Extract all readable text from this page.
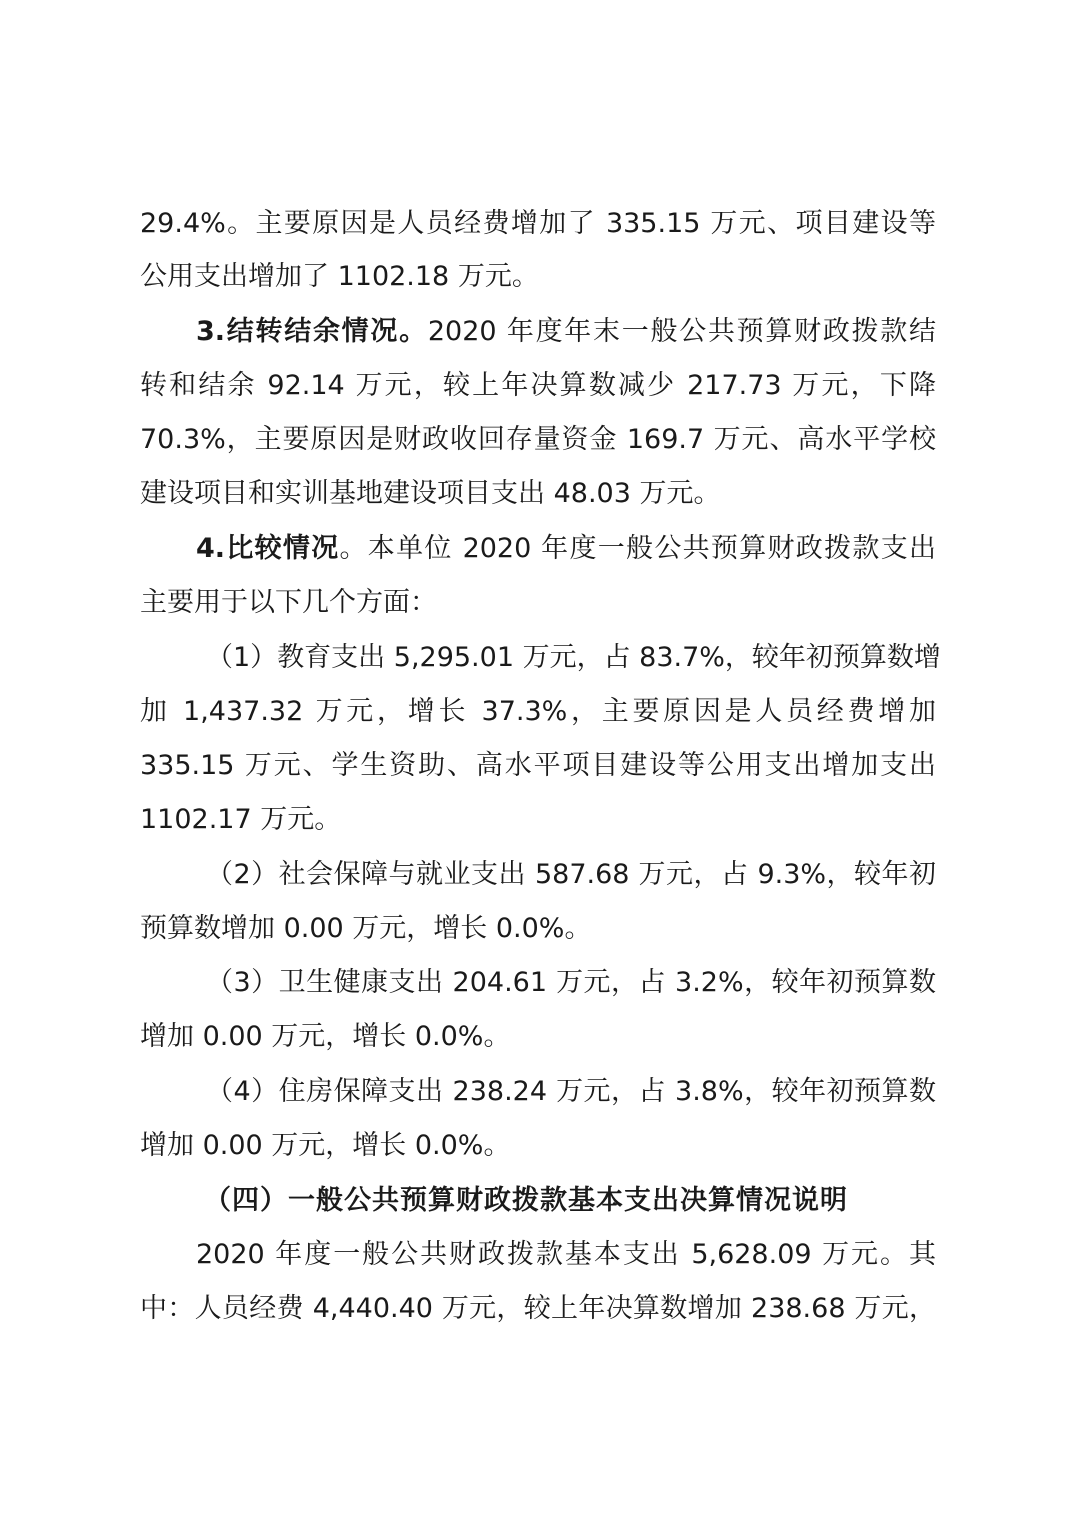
29.4%。主要原因是人员经费增加了 335.15 万元、项目建设等
公用支出增加了 1102.18 万元。
3.结转结余情况。2020 年度年末一般公共预算财政拨款结
转和结余 92.14 万元，较上年决算数减少 217.73 万元，下降
70.3%，主要原因是财政收回存量资金 169.7 万元、高水平学校
建设项目和实训基地建设项目支出 48.03 万元。
4.比较情况。本单位 2020 年度一般公共预算财政拨款支出
主要用于以下几个方面：
（1）教育支出 5,295.01 万元，占 83.7%，较年初预算数增
加 1,437.32 万元，增长 37.3%，主要原因是人员经费增加
335.15 万元、学生资助、高水平项目建设等公用支出增加支出
1102.17 万元。
（2）社会保障与就业支出 587.68 万元，占 9.3%，较年初
预算数增加 0.00 万元，增长 0.0%。
（3）卫生健康支出 204.61 万元，占 3.2%，较年初预算数
增加 0.00 万元，增长 0.0%。
（4）住房保障支出 238.24 万元，占 3.8%，较年初预算数
增加 0.00 万元，增长 0.0%。
（四）一般公共预算财政拨款基本支出决算情况说明
2020 年度一般公共财政拨款基本支出 5,628.09 万元。其
中：人员经费 4,440.40 万元，较上年决算数增加 238.68 万元，
